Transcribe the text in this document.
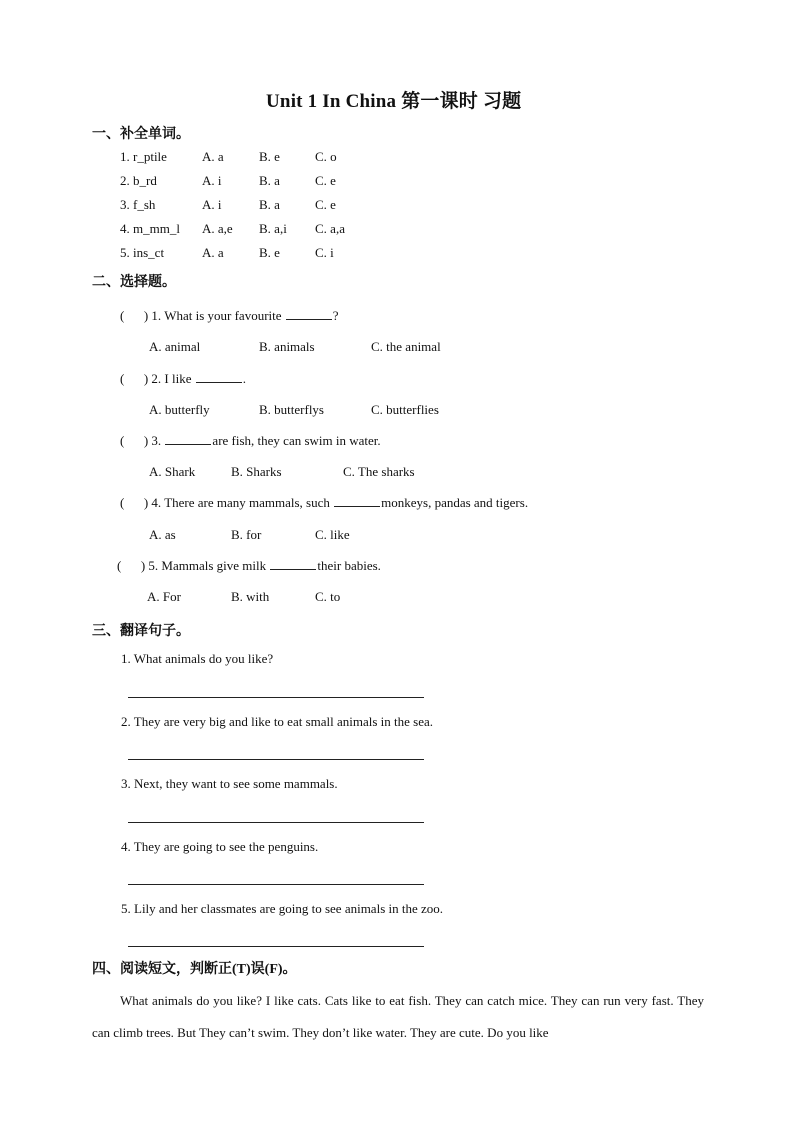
Unit 1 In China 第一课时 习题
一、补全单词。
1. r_ptile	A. a	B. e	C. o
2. b_rd	A. i	B. a	C. e
3. f_sh	A. i	B. a	C. e
4. m_mm_l A. a,e B. a,i C. a,a
5. ins_ct	A. a	B. e	C. i
二、选择题。
(      ) 1. What is your favourite	?
A. animal	B. animals	C. the animal
(      ) 2. I like	.
A. butterfly	B. butterflys	C. butterflies
(      ) 3.	are fish, they can swim in water.
A. Shark	B. Sharks	C. The sharks
(      ) 4. There are many mammals, such	monkeys, pandas and tigers.
A. as	B. for	C. like
(      ) 5. Mammals give milk	their babies.
A. For	B. with	C. to
三、翻译句子。
1. What animals do you like?
2. They are very big and like to eat small animals in the sea.
3. Next, they want to see some mammals.
4. They are going to see the penguins.
5. Lily and her classmates are going to see animals in the zoo.
四、阅读短文，判断正(T)误(F)。
What animals do you like? I like cats. Cats like to eat fish. They can catch mice. They can run very fast. They can climb trees. But They can’t swim. They don’t like water. They are cute. Do you like
